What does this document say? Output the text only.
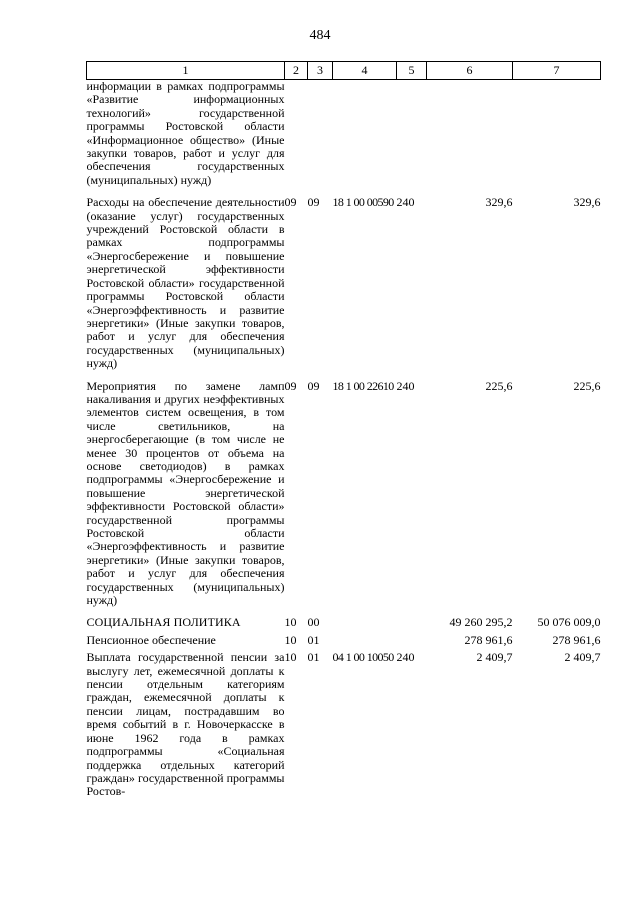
484
1	2	3	4	5	6	7
информации в рамках подпрограммы «Развитие информационных технологий» государственной программы Ростовской области «Информационное общество» (Иные закупки товаров, работ и услуг для обеспечения государственных (муниципальных) нужд)						
Расходы на обеспечение деятельности (оказание услуг) государственных учреждений Ростовской области в рамках подпрограммы «Энергосбережение и повышение энергетической эффективности Ростовской области» государственной программы Ростовской области «Энергоэффективность и развитие энергетики» (Иные закупки товаров, работ и услуг для обеспечения государственных (муниципальных) нужд)	09	09	18 1 00 00590	240	329,6	329,6
Мероприятия по замене ламп накаливания и других неэффективных элементов систем освещения, в том числе светильников, на энергосберегающие (в том числе не менее 30 процентов от объема на основе светодиодов) в рамках подпрограммы «Энергосбережение и повышение энергетической эффективности Ростовской области» государственной программы Ростовской области «Энергоэффективность и развитие энергетики» (Иные закупки товаров, работ и услуг для обеспечения государственных (муниципальных) нужд)	09	09	18 1 00 22610	240	225,6	225,6
СОЦИАЛЬНАЯ ПОЛИТИКА	10	00			49 260 295,2	50 076 009,0
Пенсионное обеспечение	10	01			278 961,6	278 961,6
Выплата государственной пенсии за выслугу лет, ежемесячной доплаты к пенсии отдельным категориям граждан, ежемесячной доплаты к пенсии лицам, пострадавшим во время событий в г. Новочеркасске в июне 1962 года в рамках подпрограммы «Социальная поддержка отдельных категорий граждан» государственной программы Ростов-	10	01	04 1 00 10050	240	2 409,7	2 409,7
